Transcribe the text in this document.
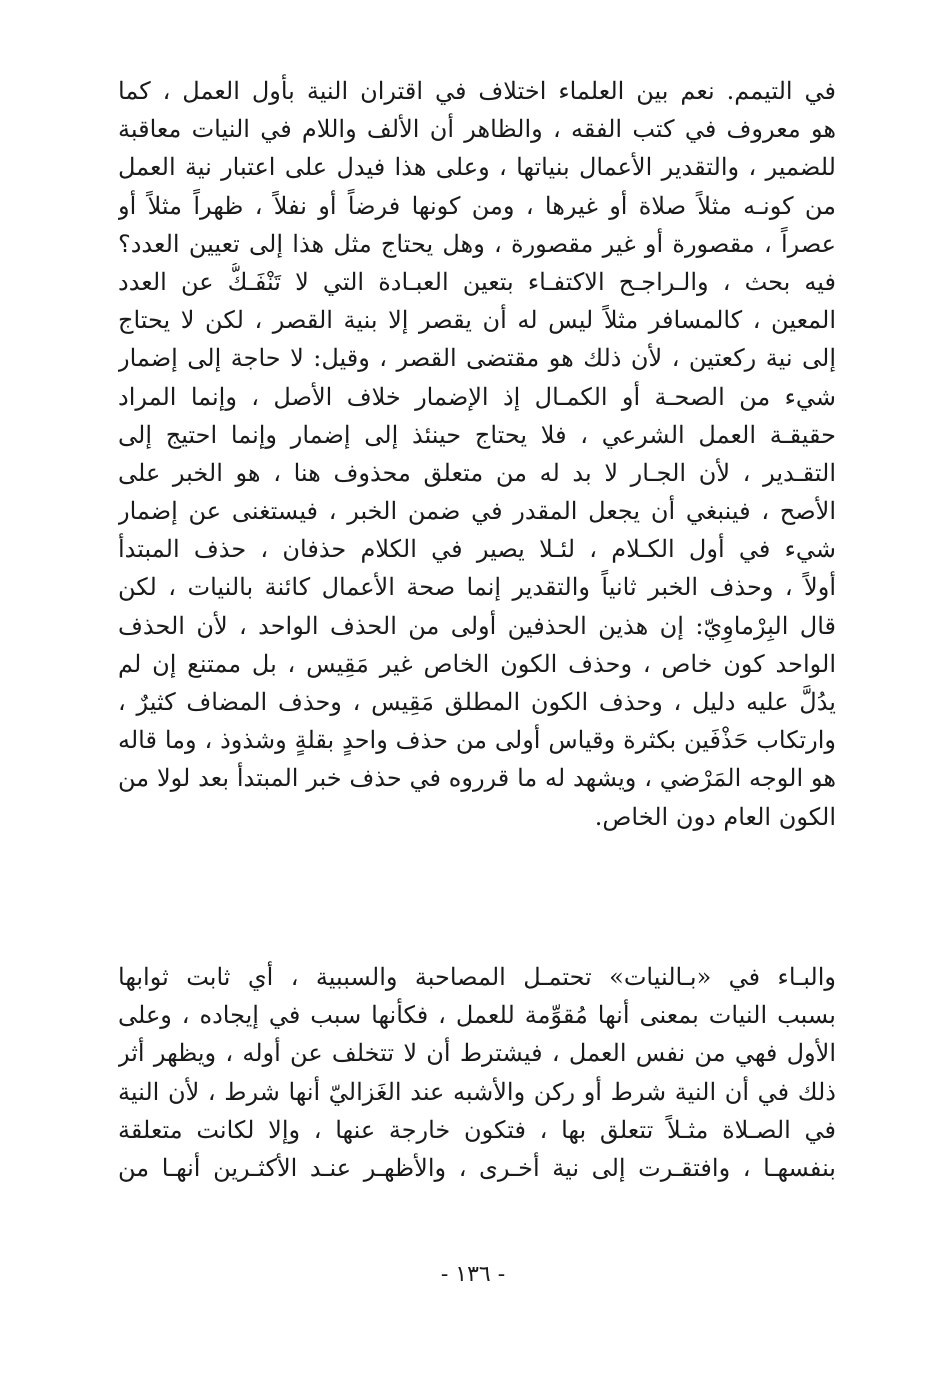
في التيمم. نعم بين العلماء اختلاف في اقتران النية بأول العمل ، كما
هو معروف في كتب الفقه ، والظاهر أن الألف واللام في النيات معاقبة
للضمير ، والتقدير الأعمال بنياتها ، وعلى هذا فيدل على اعتبار نية العمل
من كونـه مثلاً صلاة أو غيرها ، ومن كونها فرضاً أو نفلاً ، ظهراً مثلاً أو
عصراً ، مقصورة أو غير مقصورة ، وهل يحتاج مثل هذا إلى تعيين العدد؟
فيه بحث ، والـراجـح الاكتفـاء بتعين العبـادة التي لا تَنْفَـكُّ عن العدد
المعين ، كالمسافر مثلاً ليس له أن يقصر إلا بنية القصر ، لكن لا يحتاج
إلى نية ركعتين ، لأن ذلك هو مقتضى القصر ، وقيل: لا حاجة إلى إضمار
شيء من الصحـة أو الكمـال إذ الإضمار خلاف الأصل ، وإنما المراد
حقيقـة العمل الشرعي ، فلا يحتاج حينئذ إلى إضمار وإنما احتيج إلى
التقـدير ، لأن الجـار لا بد له من متعلق محذوف هنا ، هو الخبر على
الأصح ، فينبغي أن يجعل المقدر في ضمن الخبر ، فيستغنى عن إضمار
شيء في أول الكـلام ، لئـلا يصير في الكلام حذفان ، حذف المبتدأ
أولاً ، وحذف الخبر ثانياً والتقدير إنما صحة الأعمال كائنة بالنيات ، لكن
قال البِرْماوِيّ: إن هذين الحذفين أولى من الحذف الواحد ، لأن الحذف
الواحد كون خاص ، وحذف الكون الخاص غير مَقِيس ، بل ممتنع إن لم
يدُلَّ عليه دليل ، وحذف الكون المطلق مَقِيس ، وحذف المضاف كثيرٌ ،
وارتكاب حَذْفَين بكثرة وقياس أولى من حذف واحدٍ بقلةٍ وشذوذ ، وما قاله
هو الوجه المَرْضي ، ويشهد له ما قرروه في حذف خبر المبتدأ بعد لولا من
الكون العام دون الخاص.
والبـاء في «بـالنيات» تحتمـل المصاحبة والسببية ، أي ثابت ثوابها
بسبب النيات بمعنى أنها مُقوِّمة للعمل ، فكأنها سبب في إيجاده ، وعلى
الأول فهي من نفس العمل ، فيشترط أن لا تتخلف عن أوله ، ويظهر أثر
ذلك في أن النية شرط أو ركن والأشبه عند الغَزاليّ أنها شرط ، لأن النية
في الصـلاة مثـلاً تتعلق بها ، فتكون خارجة عنها ، وإلا لكانت متعلقة
بنفسهـا ، وافتقـرت إلى نية أخـرى ، والأظهـر عنـد الأكثـرين أنهـا من
- ١٣٦ -
